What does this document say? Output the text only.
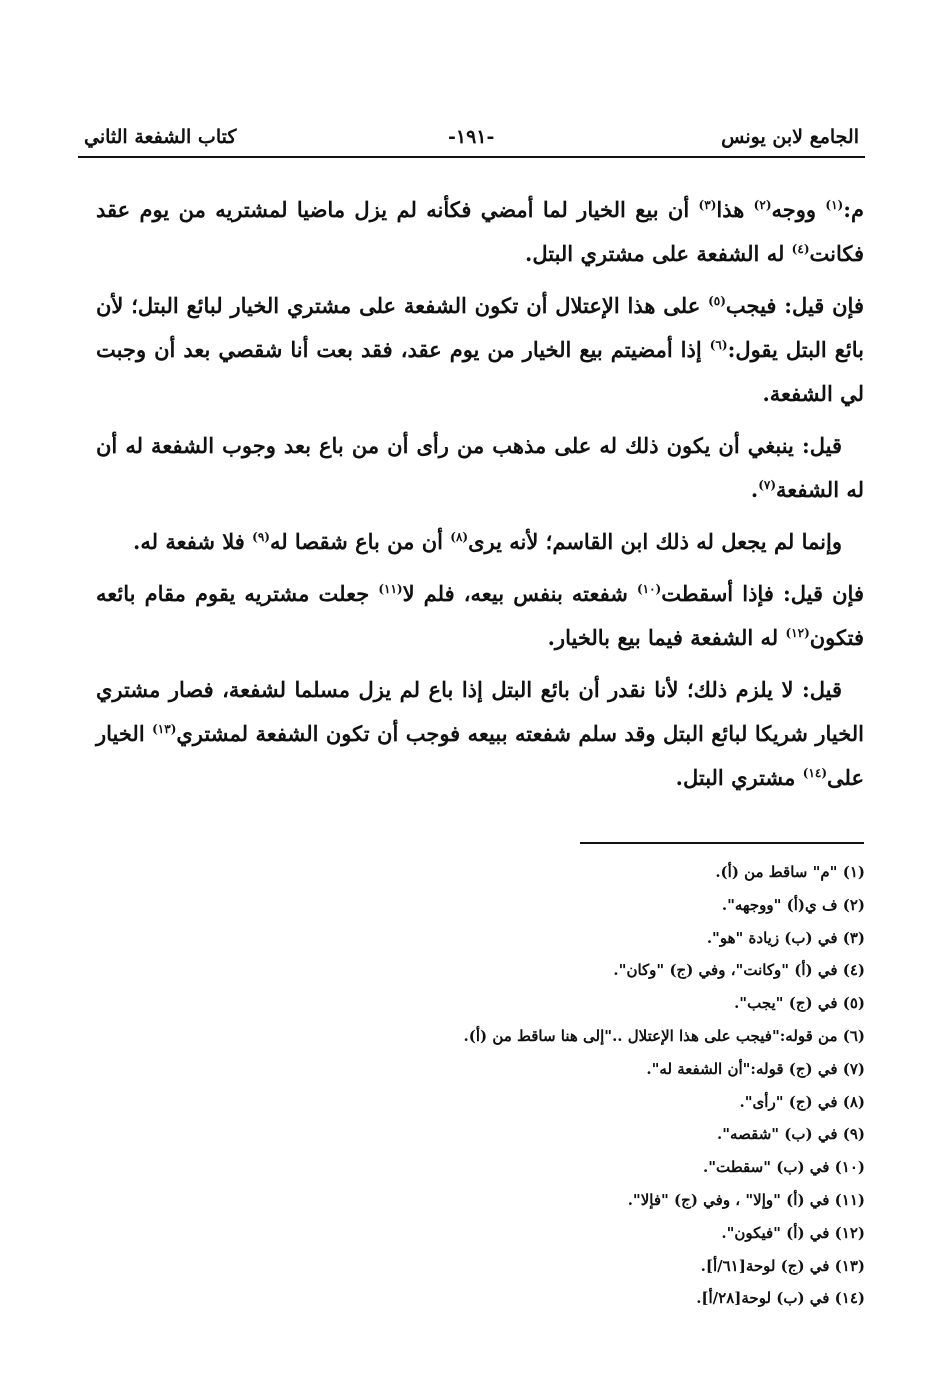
الجامع لابن يونس
-١٩١-
كتاب الشفعة الثاني

م:$^{(١)}$ ووجه$^{(٢)}$ هذا$^{(٣)}$ أن بيع الخيار لما أمضي فكأنه لم يزل ماضيا لمشتريه من يوم عقد فكانت$^{(٤)}$ له الشفعة على مشتري البتل.

فإن قيل: فيجب$^{(٥)}$ على هذا الإعتلال أن تكون الشفعة على مشتري الخيار لبائع البتل؛ لأن بائع البتل يقول:$^{(٦)}$ إذا أمضيتم بيع الخيار من يوم عقد، فقد بعت أنا شقصي بعد أن وجبت لي الشفعة.

قيل: ينبغي أن يكون ذلك له على مذهب من رأى أن من باع بعد وجوب الشفعة له أن له الشفعة$^{(٧)}$.

وإنما لم يجعل له ذلك ابن القاسم؛ لأنه يرى$^{(٨)}$ أن من باع شقصا له$^{(٩)}$ فلا شفعة له.

فإن قيل: فإذا أسقطت$^{(١٠)}$ شفعته بنفس بيعه، فلم لا$^{(١١)}$ جعلت مشتريه يقوم مقام بائعه فتكون$^{(١٢)}$ له الشفعة فيما بيع بالخيار.

قيل: لا يلزم ذلك؛ لأنا نقدر أن بائع البتل إذا باع لم يزل مسلما لشفعة، فصار مشتري الخيار شريكا لبائع البتل وقد سلم شفعته ببيعه فوجب أن تكون الشفعة لمشتري$^{(١٣)}$ الخيار على$^{(١٤)}$ مشتري البتل.

(١) "م" ساقط من (أ).
(٢) ف ي(أ) "ووجهه".
(٣) في (ب) زيادة "هو".
(٤) في (أ) "وكانت"، وفي (ج) "وكان".
(٥) في (ج) "يجب".
(٦) من قوله:"فيجب على هذا الإعتلال .."إلى هنا ساقط من (أ).
(٧) في (ج) قوله:"أن الشفعة له".
(٨) في (ج) "رأى".
(٩) في (ب) "شقصه".
(١٠) في (ب) "سقطت".
(١١) في (أ) "وإلا" ، وفي (ج) "فإلا".
(١٢) في (أ) "فيكون".
(١٣) في (ج) لوحة[٦١/أ].
(١٤) في (ب) لوحة[٢٨/أ].
